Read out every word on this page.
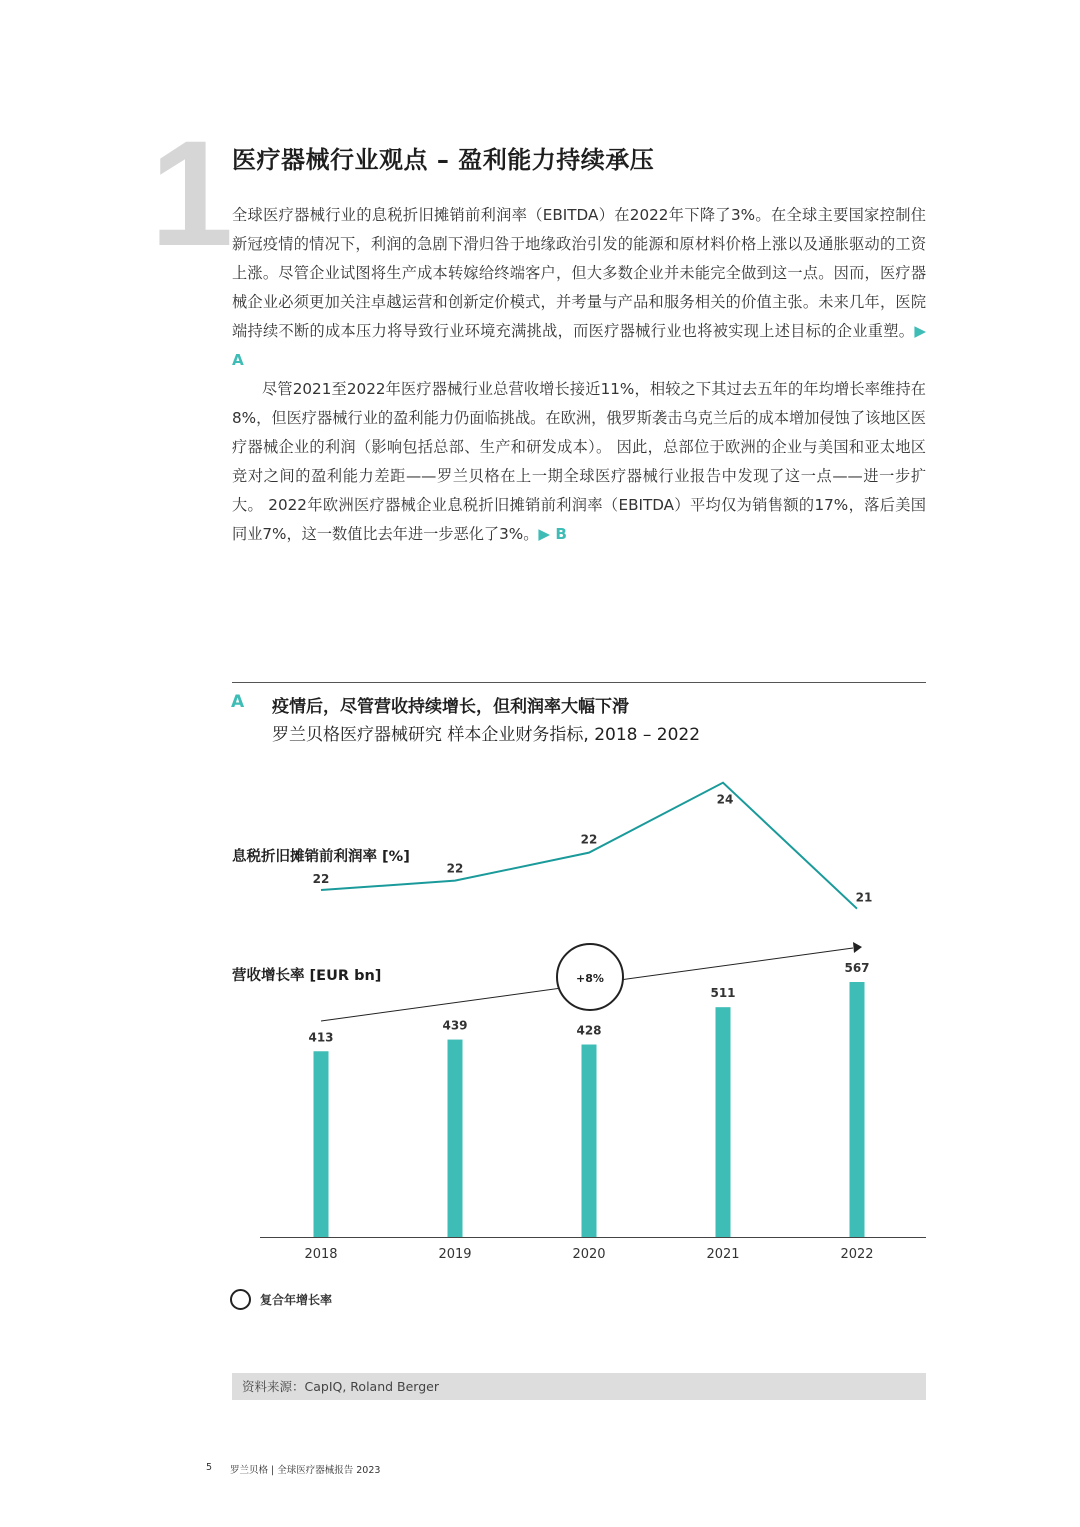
1
医疗器械行业观点 – 盈利能力持续承压

全球医疗器械行业的息税折旧摊销前利润率（EBITDA）在2022年下降了3%。在全球主要国家控制住新冠疫情的情况下，利润的急剧下滑归咎于地缘政治引发的能源和原材料价格上涨以及通胀驱动的工资上涨。尽管企业试图将生产成本转嫁给终端客户，但大多数企业并未能完全做到这一点。因而，医疗器械企业必须更加关注卓越运营和创新定价模式，并考量与产品和服务相关的价值主张。未来几年，医院端持续不断的成本压力将导致行业环境充满挑战，而医疗器械行业也将被实现上述目标的企业重塑。▶ A

尽管2021至2022年医疗器械行业总营收增长接近11%，相较之下其过去五年的年均增长率维持在8%，但医疗器械行业的盈利能力仍面临挑战。在欧洲，俄罗斯袭击乌克兰后的成本增加侵蚀了该地区医疗器械企业的利润（影响包括总部、生产和研发成本）。 因此，总部位于欧洲的企业与美国和亚太地区竞对之间的盈利能力差距——罗兰贝格在上一期全球医疗器械行业报告中发现了这一点——进一步扩大。 2022年欧洲医疗器械企业息税折旧摊销前利润率（EBITDA）平均仅为销售额的17%，落后美国同业7%，这一数值比去年进一步恶化了3%。▶ B

A 疫情后，尽管营收持续增长，但利润率大幅下滑
罗兰贝格医疗器械研究 样本企业财务指标, 2018 – 2022
息税折旧摊销前利润率 [%]
营收增长率 [EUR bn]
22
22
22
24
21
+8%
413
439	428
511
567
2018	2019	2020	2021	2022
复合年增长率
资料来源：CapIQ, Roland Berger
5 罗兰贝格 | 全球医疗器械报告 2023
